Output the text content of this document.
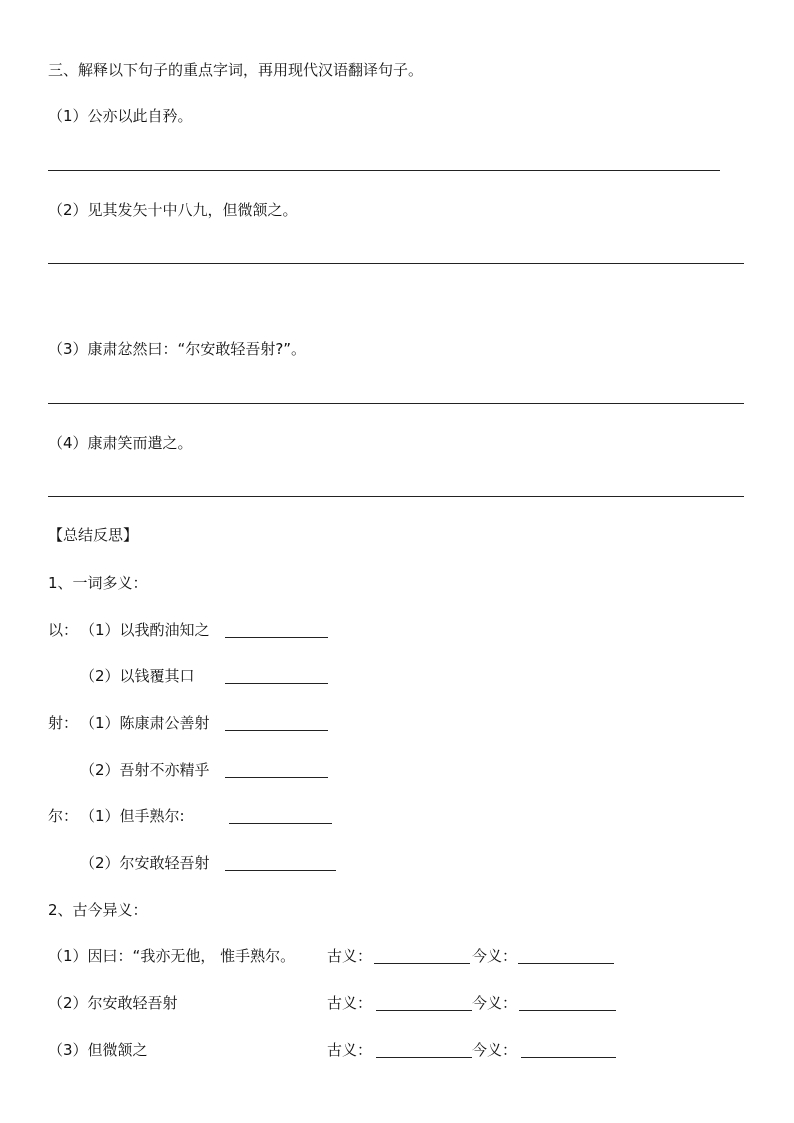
三、解释以下句子的重点字词，再用现代汉语翻译句子。
（1）公亦以此自矜。
（2）见其发矢十中八九，但微颔之。
（3）康肃忿然曰：“尔安敢轻吾射?”。
（4）康肃笑而遣之。
【总结反思】
1、一词多义：
以： （1）以我酌油知之
（2）以钱覆其口
射： （1）陈康肃公善射
（2）吾射不亦精乎
尔： （1）但手熟尔:
（2）尔安敢轻吾射
2、古今异义：
（1）因曰：“我亦无他， 惟手熟尔。 古义：	今义：
（2）尔安敢轻吾射	古义：	今义：
（3）但微颔之	古义：	今义：
